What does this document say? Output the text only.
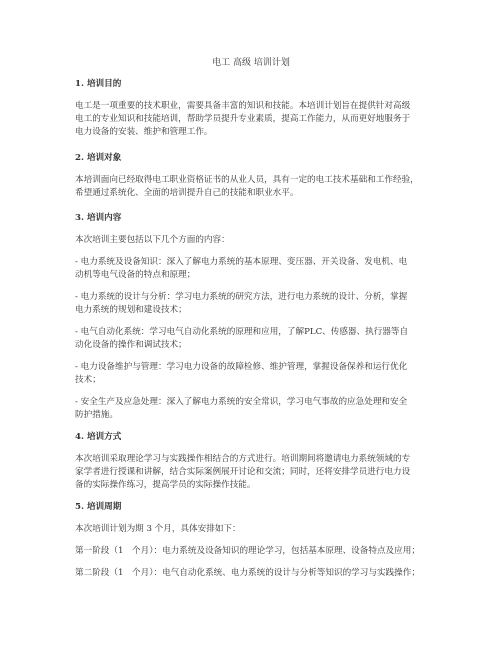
电工 高级 培训计划
1. 培训目的
电工是一项重要的技术职业，需要具备丰富的知识和技能。本培训计划旨在提供针对高级
电工的专业知识和技能培训，帮助学员提升专业素质，提高工作能力，从而更好地服务于
电力设备的安装、维护和管理工作。
2. 培训对象
本培训面向已经取得电工职业资格证书的从业人员，具有一定的电工技术基础和工作经验，
希望通过系统化、全面的培训提升自己的技能和职业水平。
3. 培训内容
本次培训主要包括以下几个方面的内容：
- 电力系统及设备知识：深入了解电力系统的基本原理、变压器、开关设备、发电机、电
动机等电气设备的特点和原理；
- 电力系统的设计与分析：学习电力系统的研究方法，进行电力系统的设计、分析，掌握
电力系统的规划和建设技术；
- 电气自动化系统：学习电气自动化系统的原理和应用，了解PLC、传感器、执行器等自
动化设备的操作和调试技术；
- 电力设备维护与管理：学习电力设备的故障检修、维护管理，掌握设备保养和运行优化
技术；
- 安全生产及应急处理：深入了解电力系统的安全常识，学习电气事故的应急处理和安全
防护措施。
4. 培训方式
本次培训采取理论学习与实践操作相结合的方式进行。培训期间将邀请电力系统领域的专
家学者进行授课和讲解，结合实际案例展开讨论和交流；同时，还将安排学员进行电力设
备的实际操作练习，提高学员的实际操作技能。
5. 培训周期
本次培训计划为期 3 个月，具体安排如下：
第一阶段（1　个月）：电力系统及设备知识的理论学习，包括基本原理、设备特点及应用；
第二阶段（1　个月）：电气自动化系统、电力系统的设计与分析等知识的学习与实践操作；
